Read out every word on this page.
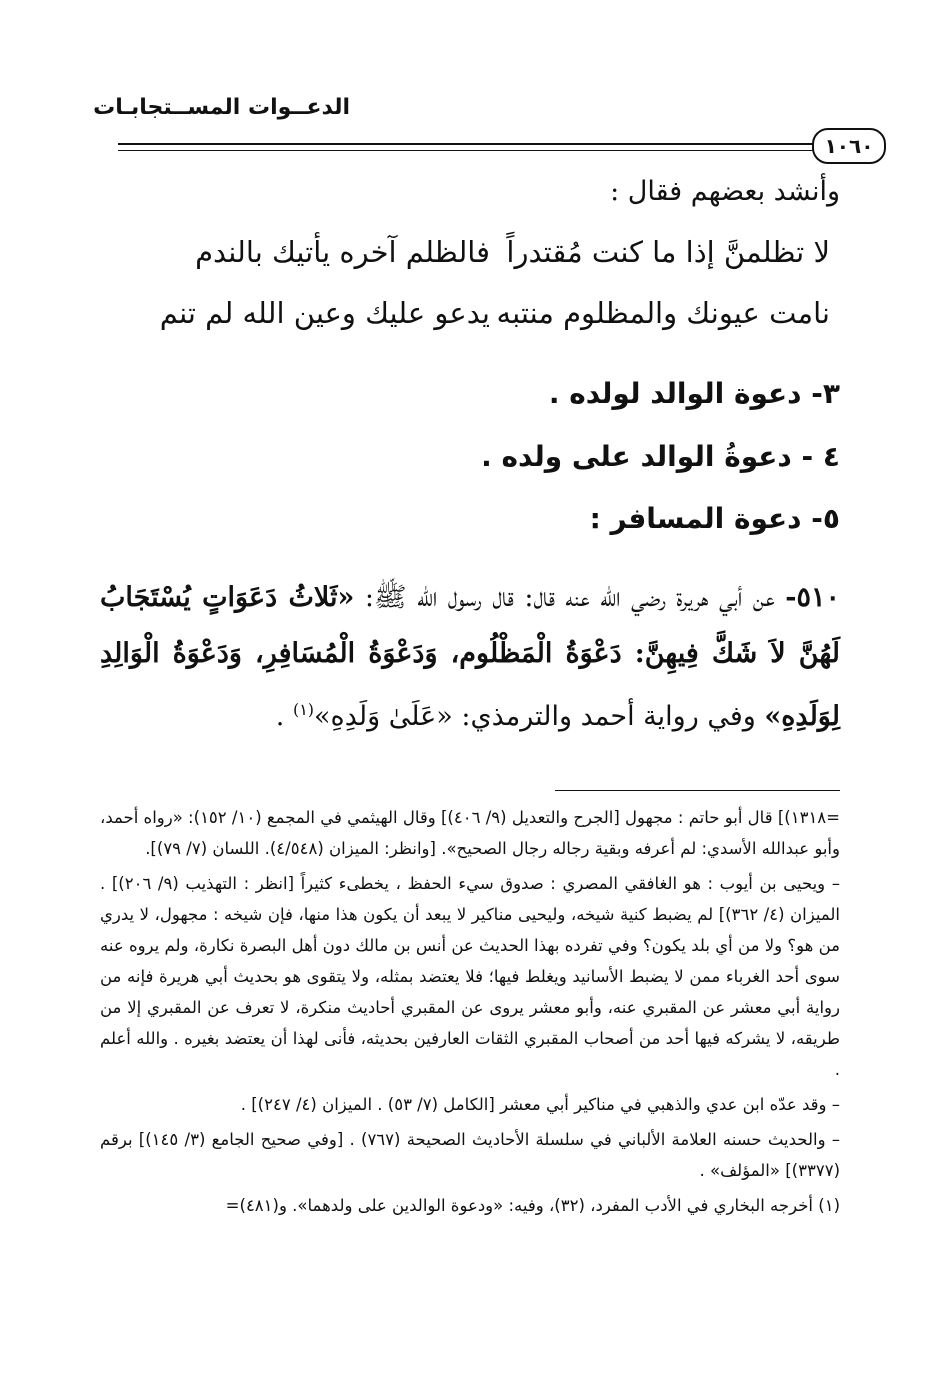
الدعــوات المســتجابـات
١٠٦٠
وأنشد بعضهم فقال :
لا تظلمنَّ إذا ما كنت مُقتدراً
فالظلم آخره يأتيك بالندم
نامت عيونك والمظلوم منتبه
يدعو عليك وعين الله لم تنم
٣- دعوة الوالد لولده .
٤ - دعوةُ الوالد على ولده .
٥- دعوة المسافر :
٥١٠- عن أبي هريرة رضي الله عنه قال: قال رسول الله ﷺ: «ثَلاثُ دَعَوَاتٍ يُسْتَجَابُ لَهُنَّ لاَ شَكَّ فِيهِنَّ: دَعْوَةُ الْمَظْلُوم، وَدَعْوَةُ الْمُسَافِرِ، وَدَعْوَةُ الْوَالِدِ لِوَلَدِهِ» وفي رواية أحمد والترمذي: «عَلَىٰ وَلَدِهِ»$^{(١)}$ .

=١٣١٨)] قال أبو حاتم : مجهول [الجرح والتعديل (٩/ ٤٠٦)] وقال الهيثمي في المجمع (١٠/ ١٥٢): «رواه أحمد، وأبو عبدالله الأسدي: لم أعرفه وبقية رجاله رجال الصحيح». [وانظر: الميزان (٤/٥٤٨). اللسان (٧/ ٧٩)].

– ويحيى بن أيوب : هو الغافقي المصري : صدوق سيء الحفظ ، يخطىء كثيراً [انظر : التهذيب (٩/ ٢٠٦)] . الميزان (٤/ ٣٦٢)] لم يضبط كنية شيخه، وليحيى مناكير لا يبعد أن يكون هذا منها، فإن شيخه : مجهول، لا يدري من هو؟ ولا من أي بلد يكون؟ وفي تفرده بهذا الحديث عن أنس بن مالك دون أهل البصرة نكارة، ولم يروه عنه سوى أحد الغرباء ممن لا يضبط الأسانيد ويغلط فيها؛ فلا يعتضد بمثله، ولا يتقوى هو بحديث أبي هريرة فإنه من رواية أبي معشر عن المقبري عنه، وأبو معشر يروى عن المقبري أحاديث منكرة، لا تعرف عن المقبري إلا من طريقه، لا يشركه فيها أحد من أصحاب المقبري الثقات العارفين بحديثه، فأنى لهذا أن يعتضد بغيره . والله أعلم .

– وقد عدّه ابن عدي والذهبي في مناكير أبي معشر [الكامل (٧/ ٥٣) . الميزان (٤/ ٢٤٧)] .

– والحديث حسنه العلامة الألباني في سلسلة الأحاديث الصحيحة (٧٦٧) . [وفي صحيح الجامع (٣/ ١٤٥)] برقم (٣٣٧٧)] «المؤلف» .

(١) أخرجه البخاري في الأدب المفرد، (٣٢)، وفيه: «ودعوة الوالدين على ولدهما». و(٤٨١)=
